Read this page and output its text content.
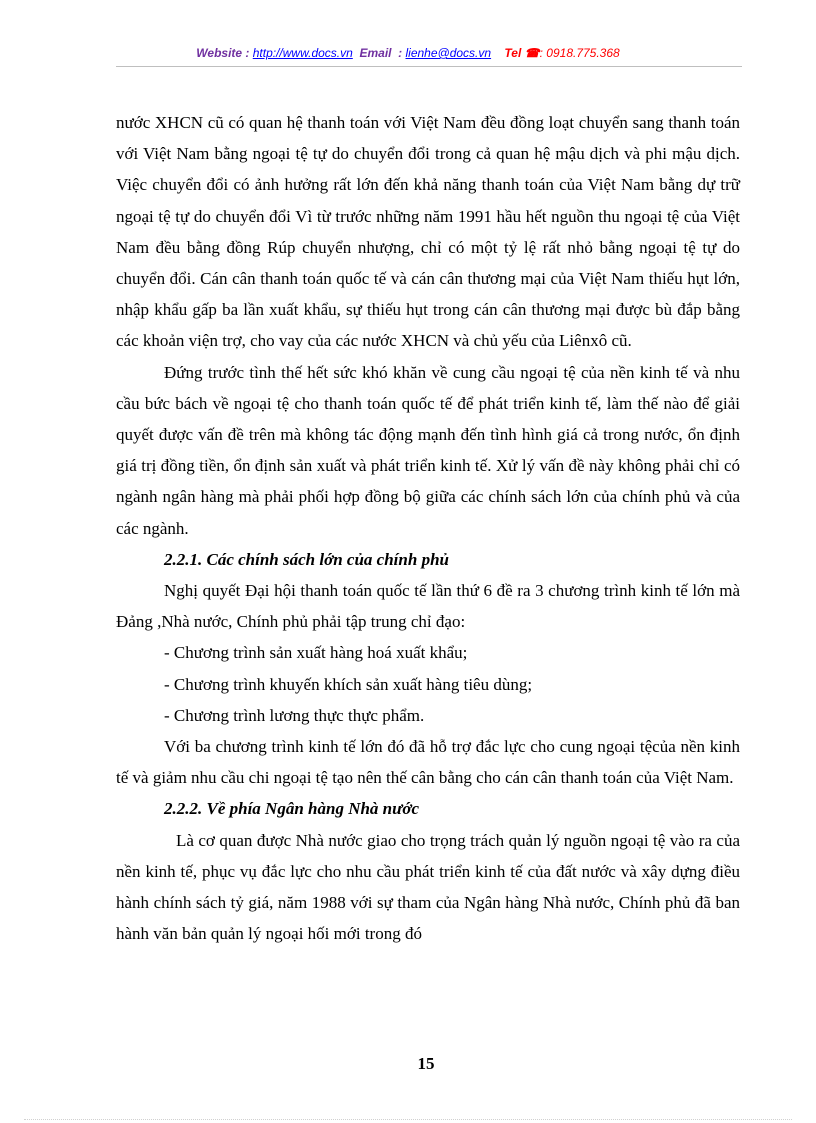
Website : http://www.docs.vn Email  : lienhe@docs.vn Tel ☎: 0918.775.368

nước XHCN cũ có quan hệ thanh toán với Việt Nam đều đồng loạt chuyển sang thanh toán với Việt Nam bằng ngoại tệ tự do chuyển đổi trong cả quan hệ mậu dịch và phi mậu dịch. Việc chuyển đổi có ảnh hưởng rất lớn đến khả năng thanh toán của Việt Nam bằng dự trữ ngoại tệ tự do chuyển đổi Vì từ trước những năm 1991 hầu hết nguồn thu ngoại tệ của Việt Nam đều bằng đồng Rúp chuyển nhượng, chỉ có một tỷ lệ rất nhỏ bằng ngoại tệ tự do chuyển đổi. Cán cân thanh toán quốc tế và cán cân thương mại của Việt Nam thiếu hụt lớn, nhập khẩu gấp ba lần xuất khẩu, sự thiếu hụt trong cán cân thương mại được bù đắp bằng các khoản viện trợ, cho vay của các nước XHCN và chủ yếu của Liênxô cũ.

Đứng trước tình thế hết sức khó khăn về cung cầu ngoại tệ của nền kinh tế và nhu cầu bức bách về ngoại tệ cho thanh toán quốc tế để phát triển kinh tế, làm thế nào để giải quyết được vấn đề trên mà không tác động mạnh đến tình hình giá cả trong nước, ổn định giá trị đồng tiền, ổn định sản xuất và phát triển kinh tế. Xử lý vấn đề này không phải chỉ có ngành ngân hàng mà phải phối hợp đồng bộ giữa các chính sách lớn của chính phủ và của các ngành.

2.2.1. Các chính sách lớn của chính phủ

Nghị quyết Đại hội thanh toán quốc tế lần thứ 6 đề ra 3 chương trình kinh tế lớn mà Đảng ,Nhà nước, Chính phủ phải tập trung chỉ đạo:

- Chương trình sản xuất hàng hoá xuất khẩu;

- Chương trình khuyến khích sản xuất hàng tiêu dùng;

- Chương trình lương thực thực phẩm.

Với ba chương trình kinh tế lớn đó đã hỗ trợ đắc lực cho cung ngoại tệcủa nền kinh tế và giảm nhu cầu chi ngoại tệ tạo nên thế cân bằng cho cán cân thanh toán của Việt Nam.

2.2.2. Về phía Ngân hàng Nhà nước

Là cơ quan được Nhà nước giao cho trọng trách quản lý nguồn ngoại tệ vào ra của nền kinh tế, phục vụ đắc lực cho nhu cầu phát triển kinh tế của đất nước và xây dựng điều hành chính sách tỷ giá, năm 1988 với sự tham của Ngân hàng Nhà nước, Chính phủ đã ban hành văn bản quản lý ngoại hối mới trong đó

15
